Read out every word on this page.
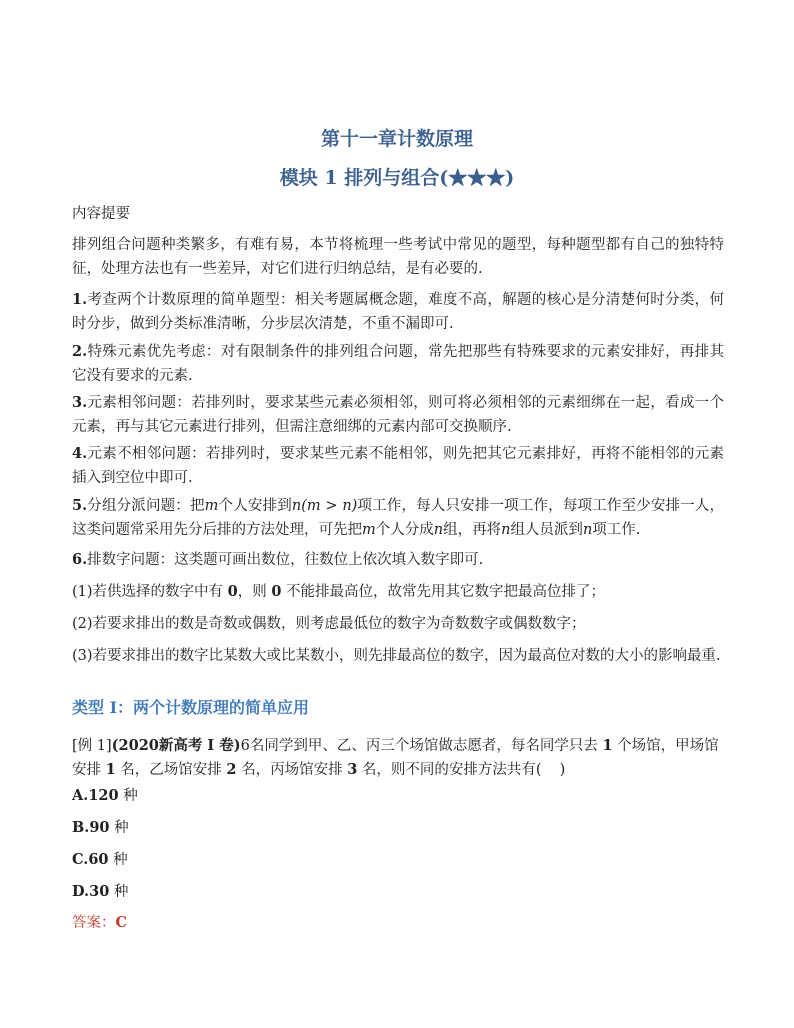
第十一章计数原理
模块 1 排列与组合(★★★)
内容提要
排列组合问题种类繁多，有难有易，本节将梳理一些考试中常见的题型，每种题型都有自己的独特特征，处理方法也有一些差异，对它们进行归纳总结，是有必要的.
1.考查两个计数原理的简单题型：相关考题属概念题，难度不高，解题的核心是分清楚何时分类，何时分步，做到分类标准清晰，分步层次清楚，不重不漏即可.
2.特殊元素优先考虑：对有限制条件的排列组合问题，常先把那些有特殊要求的元素安排好，再排其它没有要求的元素.
3.元素相邻问题：若排列时，要求某些元素必须相邻，则可将必须相邻的元素细绑在一起，看成一个元素，再与其它元素进行排列，但需注意细绑的元素内部可交换顺序.
4.元素不相邻问题：若排列时，要求某些元素不能相邻，则先把其它元素排好，再将不能相邻的元素插入到空位中即可.
5.分组分派问题：把m个人安排到n(m > n)项工作，每人只安排一项工作，每项工作至少安排一人，这类问题常采用先分后排的方法处理，可先把m个人分成n组，再将n组人员派到n项工作.
6.排数字问题：这类题可画出数位，往数位上依次填入数字即可.
(1)若供选择的数字中有 0，则 0 不能排最高位，故常先用其它数字把最高位排了；
(2)若要求排出的数是奇数或偶数，则考虑最低位的数字为奇数数字或偶数数字；
(3)若要求排出的数字比某数大或比某数小，则先排最高位的数字，因为最高位对数的大小的影响最重.
类型 I：两个计数原理的简单应用
[例 1](2020新高考 I 卷)6名同学到甲、乙、丙三个场馆做志愿者，每名同学只去 1 个场馆，甲场馆安排 1 名，乙场馆安排 2 名，丙场馆安排 3 名，则不同的安排方法共有( )
A.120 种
B.90 种
C.60 种
D.30 种
答案：C
